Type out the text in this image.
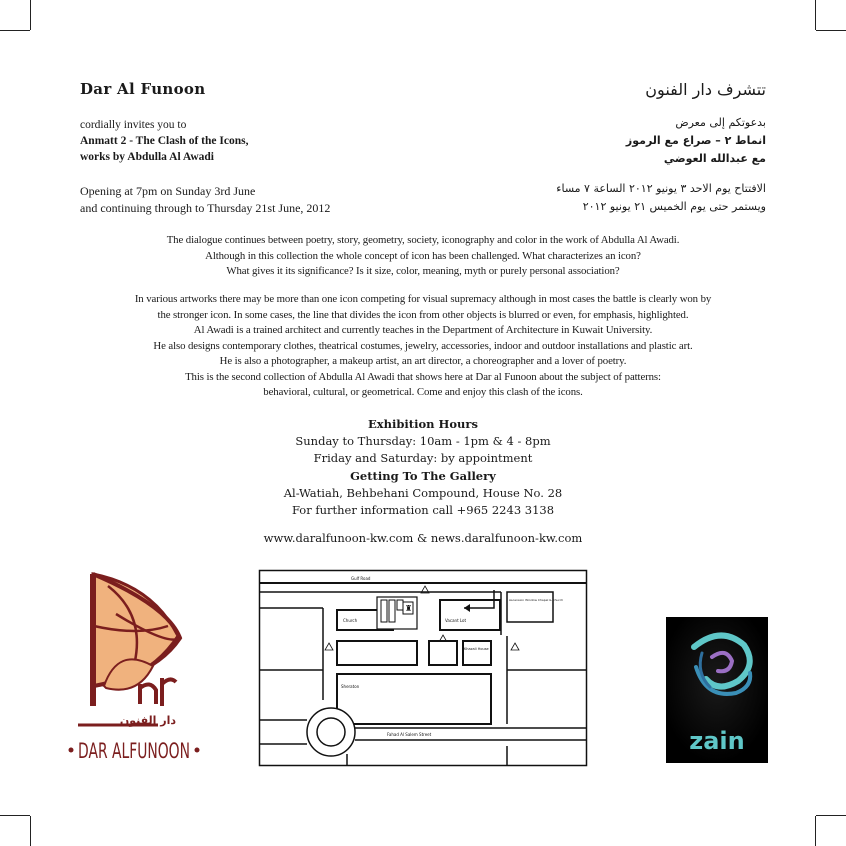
Dar Al Funoon	تتشرف دار الفنون
cordially invites you to
Anmatt 2 - The Clash of the Icons,
works by Abdulla Al Awadi
بدعوتكم إلى معرض
انماط ٢ – صراع مع الرموز
مع عبدالله العوضي
Opening at 7pm on Sunday 3rd June
and continuing through to Thursday 21st June, 2012
الافتتاح يوم الاحد ٣ يونيو ٢٠١٢ الساعة ٧ مساء
ويستمر حتى يوم الخميس ٢١ يونيو ٢٠١٢
The dialogue continues between poetry, story, geometry, society, iconography and color in the work of Abdulla Al Awadi.
Although in this collection the whole concept of icon has been challenged. What characterizes an icon?
What gives it its significance? Is it size, color, meaning, myth or purely personal association?
In various artworks there may be more than one icon competing for visual supremacy although in most cases the battle is clearly won by
the stronger icon. In some cases, the line that divides the icon from other objects is blurred or even, for emphasis, highlighted.
Al Awadi is a trained architect and currently teaches in the Department of Architecture in Kuwait University.
He also designs contemporary clothes, theatrical costumes, jewelry, accessories, indoor and outdoor installations and plastic art.
He is also a photographer, a makeup artist, an art director, a choreographer and a lover of poetry.
This is the second collection of Abdulla Al Awadi that shows here at Dar al Funoon about the subject of patterns:
behavioral, cultural, or geometrical. Come and enjoy this clash of the icons.
Exhibition Hours
Sunday to Thursday: 10am - 1pm & 4 - 8pm
Friday and Saturday: by appointment
Getting To The Gallery
Al-Watiah, Behbehani Compound, House No. 28
For further information call +965 2243 3138
www.daralfunoon-kw.com & news.daralfunoon-kw.com
دار الفنون
DAR ALFUNOON
Gulf Road
Church
♜
Vacant Lot
Ascension Window Chapel & Church
Khazali House
Sheraton
Fahad Al Salem Street	zain
